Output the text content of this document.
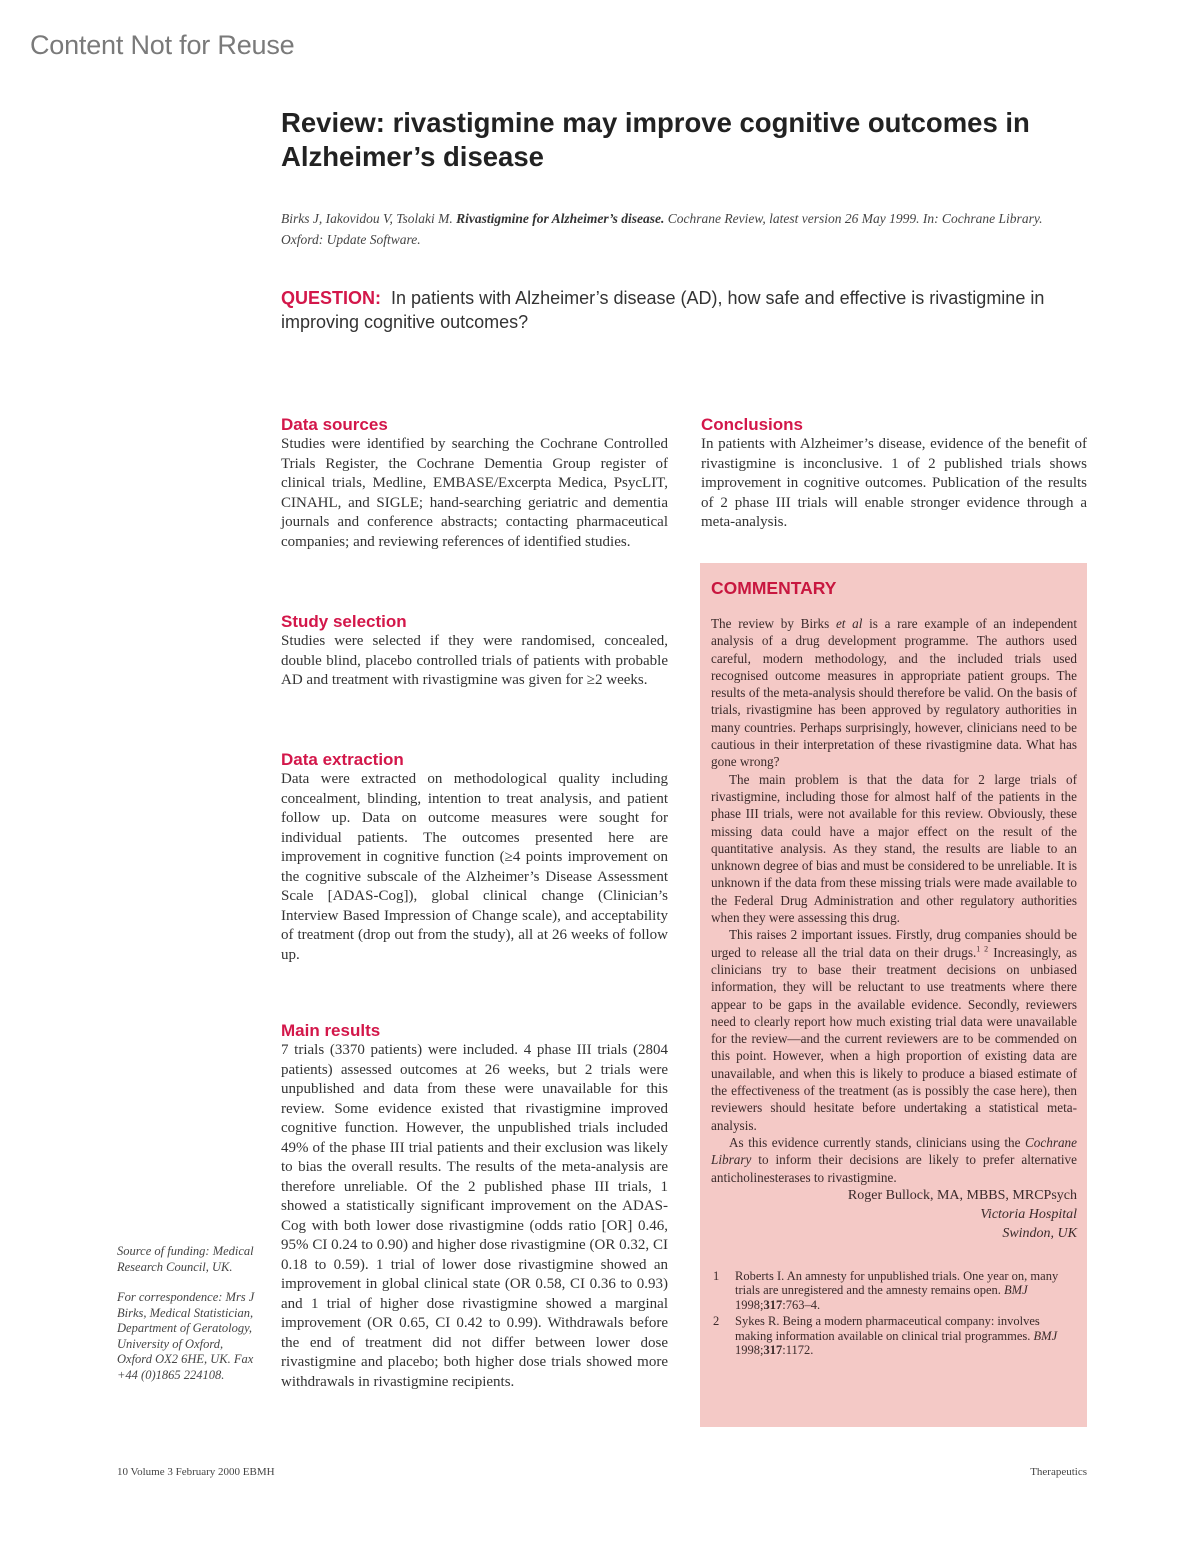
Content Not for Reuse
Review: rivastigmine may improve cognitive outcomes in Alzheimer’s disease
Birks J, Iakovidou V, Tsolaki M. Rivastigmine for Alzheimer’s disease. Cochrane Review, latest version 26 May 1999. In: Cochrane Library. Oxford: Update Software.
QUESTION: In patients with Alzheimer’s disease (AD), how safe and effective is rivastigmine in improving cognitive outcomes?
Data sources

Studies were identified by searching the Cochrane Controlled Trials Register, the Cochrane Dementia Group register of clinical trials, Medline, EMBASE/Excerpta Medica, PsycLIT, CINAHL, and SIGLE; hand-searching geriatric and dementia journals and conference abstracts; contacting pharmaceutical companies; and reviewing references of identified studies.

Study selection

Studies were selected if they were randomised, concealed, double blind, placebo controlled trials of patients with probable AD and treatment with rivastigmine was given for ≥2 weeks.

Data extraction

Data were extracted on methodological quality including concealment, blinding, intention to treat analysis, and patient follow up. Data on outcome measures were sought for individual patients. The outcomes presented here are improvement in cognitive function (≥4 points improvement on the cognitive subscale of the Alzheimer’s Disease Assessment Scale [ADAS-Cog]), global clinical change (Clinician’s Interview Based Impression of Change scale), and acceptability of treatment (drop out from the study), all at 26 weeks of follow up.

Main results

7 trials (3370 patients) were included. 4 phase III trials (2804 patients) assessed outcomes at 26 weeks, but 2 trials were unpublished and data from these were unavailable for this review. Some evidence existed that rivastigmine improved cognitive function. However, the unpublished trials included 49% of the phase III trial patients and their exclusion was likely to bias the overall results. The results of the meta-analysis are therefore unreliable. Of the 2 published phase III trials, 1 showed a statistically significant improvement on the ADAS-Cog with both lower dose rivastigmine (odds ratio [OR] 0.46, 95% CI 0.24 to 0.90) and higher dose rivastigmine (OR 0.32, CI 0.18 to 0.59). 1 trial of lower dose rivastigmine showed an improvement in global clinical state (OR 0.58, CI 0.36 to 0.93) and 1 trial of higher dose rivastigmine showed a marginal improvement (OR 0.65, CI 0.42 to 0.99). Withdrawals before the end of treatment did not differ between lower dose rivastigmine and placebo; both higher dose trials showed more withdrawals in rivastigmine recipients.

Conclusions

In patients with Alzheimer’s disease, evidence of the benefit of rivastigmine is inconclusive. 1 of 2 published trials shows improvement in cognitive outcomes. Publication of the results of 2 phase III trials will enable stronger evidence through a meta-analysis.

Source of funding: Medical Research Council, UK.

For correspondence: Mrs J Birks, Medical Statistician, Department of Geratology, University of Oxford, Oxford OX2 6HE, UK. Fax +44 (0)1865 224108.

COMMENTARY

The review by Birks et al is a rare example of an independent analysis of a drug development programme. The authors used careful, modern methodology, and the included trials used recognised outcome measures in appropriate patient groups. The results of the meta-analysis should therefore be valid. On the basis of trials, rivastigmine has been approved by regulatory authorities in many countries. Perhaps surprisingly, however, clinicians need to be cautious in their interpretation of these rivastigmine data. What has gone wrong?

The main problem is that the data for 2 large trials of rivastigmine, including those for almost half of the patients in the phase III trials, were not available for this review. Obviously, these missing data could have a major effect on the result of the quantitative analysis. As they stand, the results are liable to an unknown degree of bias and must be considered to be unreliable. It is unknown if the data from these missing trials were made available to the Federal Drug Administration and other regulatory authorities when they were assessing this drug.

This raises 2 important issues. Firstly, drug companies should be urged to release all the trial data on their drugs.$^{1 2}$ Increasingly, as clinicians try to base their treatment decisions on unbiased information, they will be reluctant to use treatments where there appear to be gaps in the available evidence. Secondly, reviewers need to clearly report how much existing trial data were unavailable for the review—and the current reviewers are to be commended on this point. However, when a high proportion of existing data are unavailable, and when this is likely to produce a biased estimate of the effectiveness of the treatment (as is possibly the case here), then reviewers should hesitate before undertaking a statistical meta-analysis.

As this evidence currently stands, clinicians using the Cochrane Library to inform their decisions are likely to prefer alternative anticholinesterases to rivastigmine.

Roger Bullock, MA, MBBS, MRCPsych
Victoria Hospital
Swindon, UK
1	Roberts I. An amnesty for unpublished trials. One year on, many trials are unregistered and the amnesty remains open. BMJ 1998;317:763–4.
2	Sykes R. Being a modern pharmaceutical company: involves making information available on clinical trial programmes. BMJ 1998;317:1172.
10 Volume 3 February 2000 EBMH	Therapeutics
